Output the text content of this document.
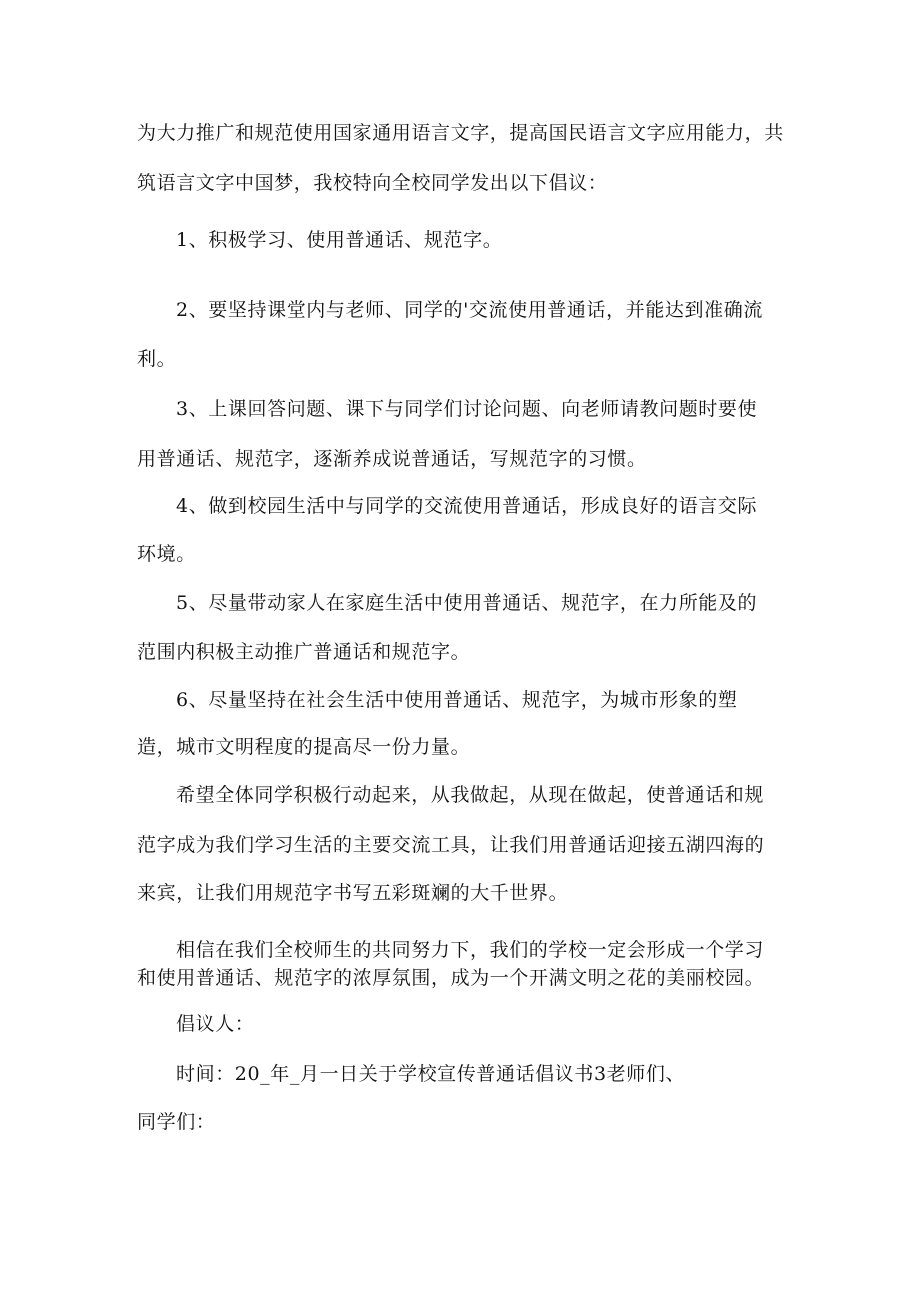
为大力推广和规范使用国家通用语言文字，提高国民语言文字应用能力，共
筑语言文字中国梦，我校特向全校同学发出以下倡议：
1、积极学习、使用普通话、规范字。
2、要坚持课堂内与老师、同学的'交流使用普通话，并能达到准确流
利。
3、上课回答问题、课下与同学们讨论问题、向老师请教问题时要使
用普通话、规范字，逐渐养成说普通话，写规范字的习惯。
4、做到校园生活中与同学的交流使用普通话，形成良好的语言交际
环境。
5、尽量带动家人在家庭生活中使用普通话、规范字，在力所能及的
范围内积极主动推广普通话和规范字。
6、尽量坚持在社会生活中使用普通话、规范字，为城市形象的塑
造，城市文明程度的提高尽一份力量。
希望全体同学积极行动起来，从我做起，从现在做起，使普通话和规
范字成为我们学习生活的主要交流工具，让我们用普通话迎接五湖四海的
来宾，让我们用规范字书写五彩斑斓的大千世界。
相信在我们全校师生的共同努力下，我们的学校一定会形成一个学习
和使用普通话、规范字的浓厚氛围，成为一个开满文明之花的美丽校园。
倡议人：
时间：20_年_月一日关于学校宣传普通话倡议书3老师们、
同学们：
